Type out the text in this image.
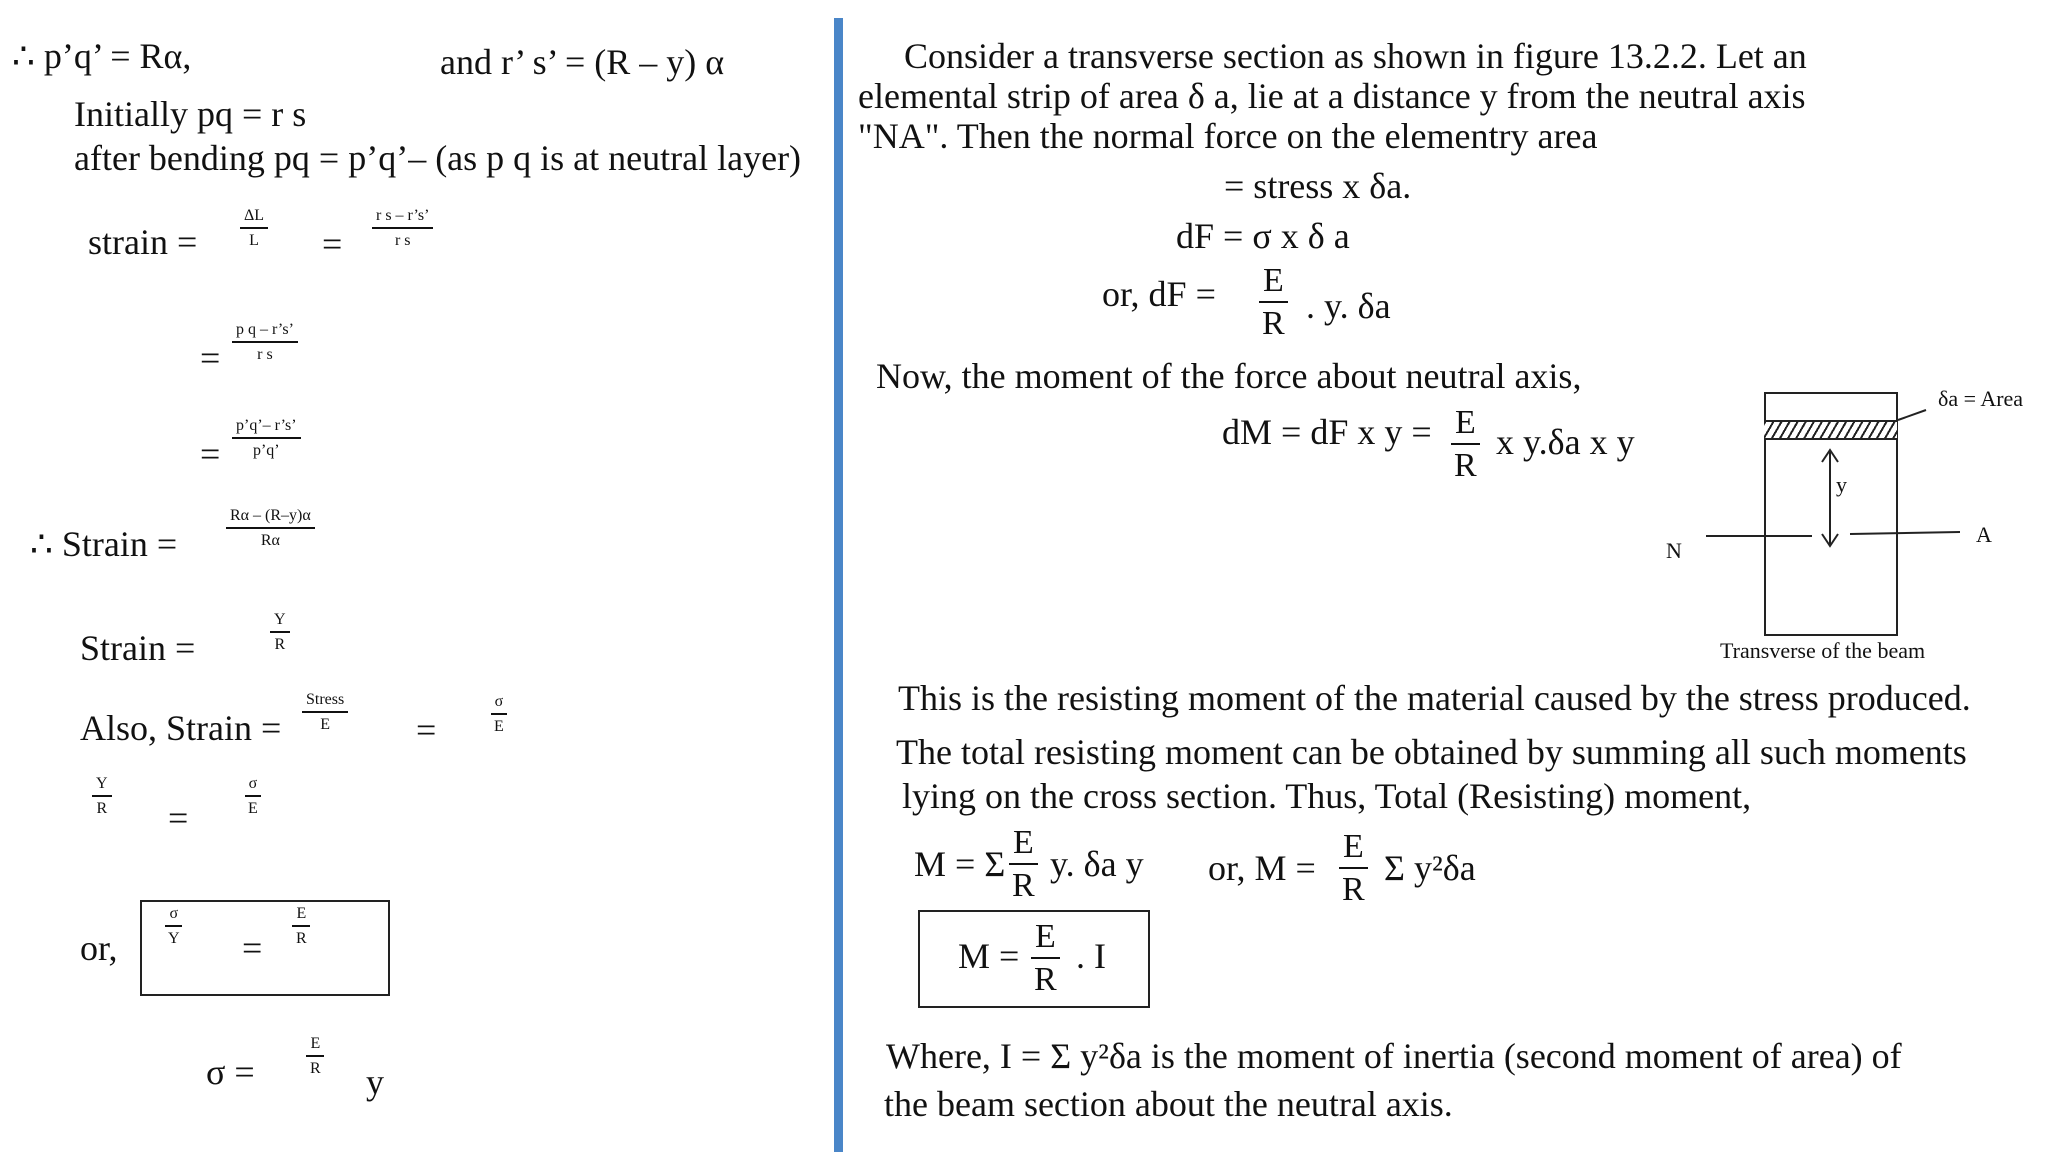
∴ p’q’ = Rα,	and r’ s’ = (R – y) α
Initially pq = r s
after bending pq = p’q’– (as p q is at neutral layer)
strain =	$\frac{\Delta L}{L} = \frac{\text{r s – r’s’}}{\text{r s}}$
= $\frac{\text{p q – r’s’}}{\text{r s}}$
= $\frac{p’q’- r’s’}{p’q’}$
∴ Strain =	$\frac{R\alpha - (R-y)\alpha}{R\alpha}$
Strain =	$\frac{Y}{R}$
Also, Strain =
Stress
E =	$\frac{\sigma}{E}$
$\frac{Y}{R}$
=
$\frac{\sigma}{E}$
or,
$\frac{\sigma}{Y}$
=
$\frac{E}{R}$
σ =	$\frac{E}{R}$
y
Consider a transverse section as shown in figure 13.2.2. Let an
elemental strip of area δ a, lie at a distance y from the neutral axis
"NA". Then the normal force on the elementry area
= stress x δa.
dF = σ x δ a
or, dF = $\frac{E}{R}$ . y. δa
Now, the moment of the force about neutral axis,
dM = dF x $y = \frac{E}{R}$ x y.δa x y
δa = Area
y
N
A
Transverse of the beam
This is the resisting moment of the material caused by the stress produced.
The total resisting moment can be obtained by summing all such moments
lying on the cross section. Thus, Total (Resisting) moment,
M = Σ $\frac{E}{R} y$. δa y or, $M = \frac{E}{R}$ Σ y²δa
$M = \frac{E}{R}$ . I
Where, I = Σ y²δa is the moment of inertia (second moment of area) of
the beam section about the neutral axis.
